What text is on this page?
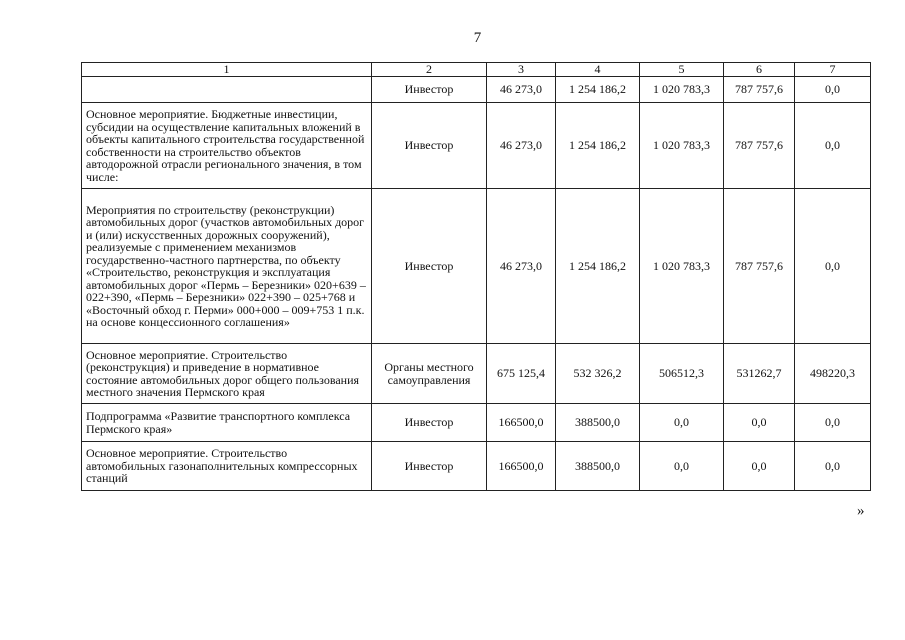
7
1	2	3	4	5	6	7
	Инвестор	46 273,0	1 254 186,2	1 020 783,3	787 757,6	0,0
Основное мероприятие. Бюджетные инвестиции, субсидии на осуществление капитальных вложений в объекты капитального строительства государственной собственности на строительство объектов автодорожной отрасли регионального значения, в том числе:	Инвестор	46 273,0	1 254 186,2	1 020 783,3	787 757,6	0,0
Мероприятия по строительству (реконструкции) автомобильных дорог (участков автомобильных дорог и (или) искусственных дорожных сооружений), реализуемые с применением механизмов государственно-частного партнерства, по объекту «Строительство, реконструкция и эксплуатация автомобильных дорог «Пермь – Березники» 020+639 – 022+390, «Пермь – Березники» 022+390 – 025+768 и «Восточный обход г. Перми» 000+000 – 009+753 1 п.к. на основе концессионного соглашения»	Инвестор	46 273,0	1 254 186,2	1 020 783,3	787 757,6	0,0
Основное мероприятие. Строительство (реконструкция) и приведение в нормативное состояние автомобильных дорог общего пользования местного значения Пермского края	Органы местного самоуправления	675 125,4	532 326,2	506512,3	531262,7	498220,3
Подпрограмма «Развитие транспортного комплекса Пермского края»	Инвестор	166500,0	388500,0	0,0	0,0	0,0
Основное мероприятие. Строительство автомобильных газонаполнительных компрессорных станций	Инвестор	166500,0	388500,0	0,0	0,0	0,0
»
